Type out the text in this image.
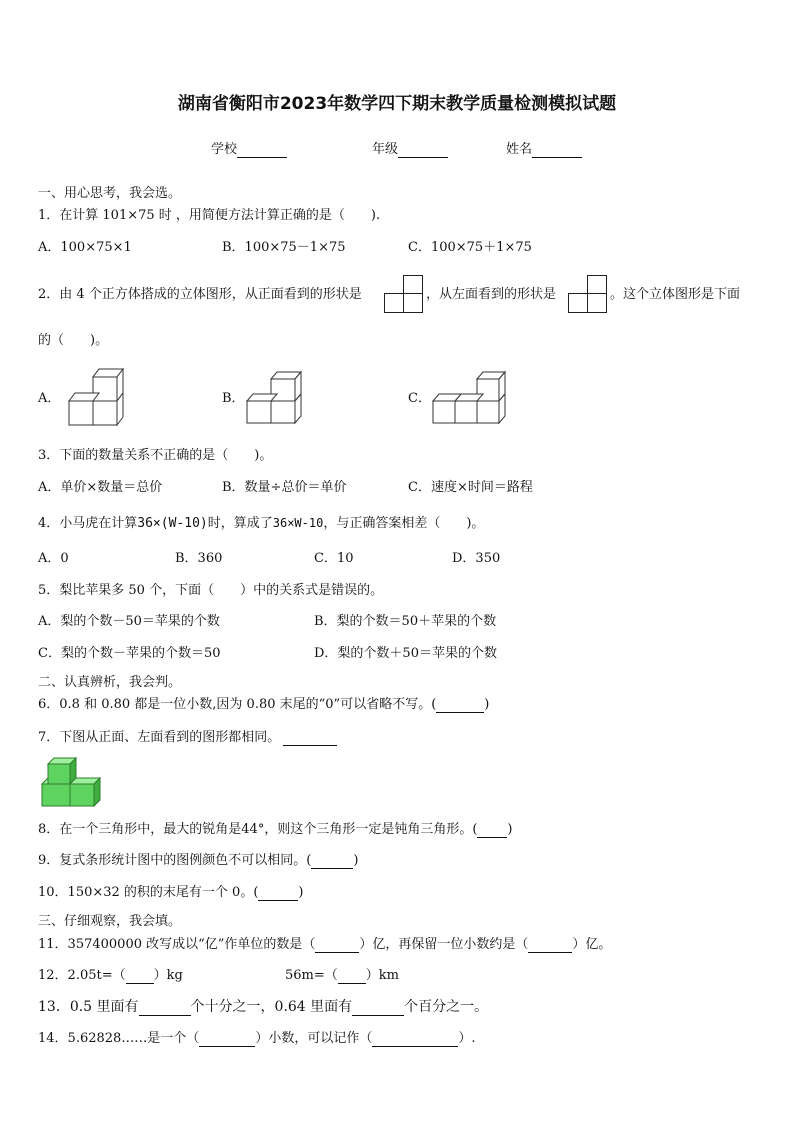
湖南省衡阳市2023年数学四下期末教学质量检测模拟试题
学校	年级	姓名
一、用心思考，我会选。
1．在计算 101×75 时 ，用简便方法计算正确的是（　　).
A．100×75×1	B．100×75－1×75	C．100×75＋1×75
2．由 4 个正方体搭成的立体图形，从正面看到的形状是	，从左面看到的形状是	。这个立体图形是下面
的（　　)。
A．	B．	C．
3．下面的数量关系不正确的是（　　)。
A．单价×数量＝总价	B．数量÷总价＝单价	C．速度×时间＝路程
4．小马虎在计算36×(W-10)时，算成了36×W-10，与正确答案相差（　　)。
A．0	B．360	C．10	D．350
5．梨比苹果多 50 个，下面（　　）中的关系式是错误的。
A．梨的个数－50＝苹果的个数	B．梨的个数＝50＋苹果的个数
C．梨的个数－苹果的个数＝50	D．梨的个数＋50＝苹果的个数
二、认真辨析，我会判。
6．0.8 和 0.80 都是一位小数,因为 0.80 末尾的“0”可以省略不写。(	)
7．下图从正面、左面看到的图形都相同。
8．在一个三角形中，最大的锐角是44°，则这个三角形一定是钝角三角形。( )
9．复式条形统计图中的图例颜色不可以相同。(	)
10．150×32 的积的末尾有一个 0。(	)
三、仔细观察，我会填。
11．357400000 改写成以“亿”作单位的数是（	）亿，再保留一位小数约是（	）亿。
12．2.05t=（ ）kg	56m=（ ）km
13．0.5 里面有	个十分之一，0.64 里面有	个百分之一。
14．5.62828……是一个（	）小数，可以记作（	）.
